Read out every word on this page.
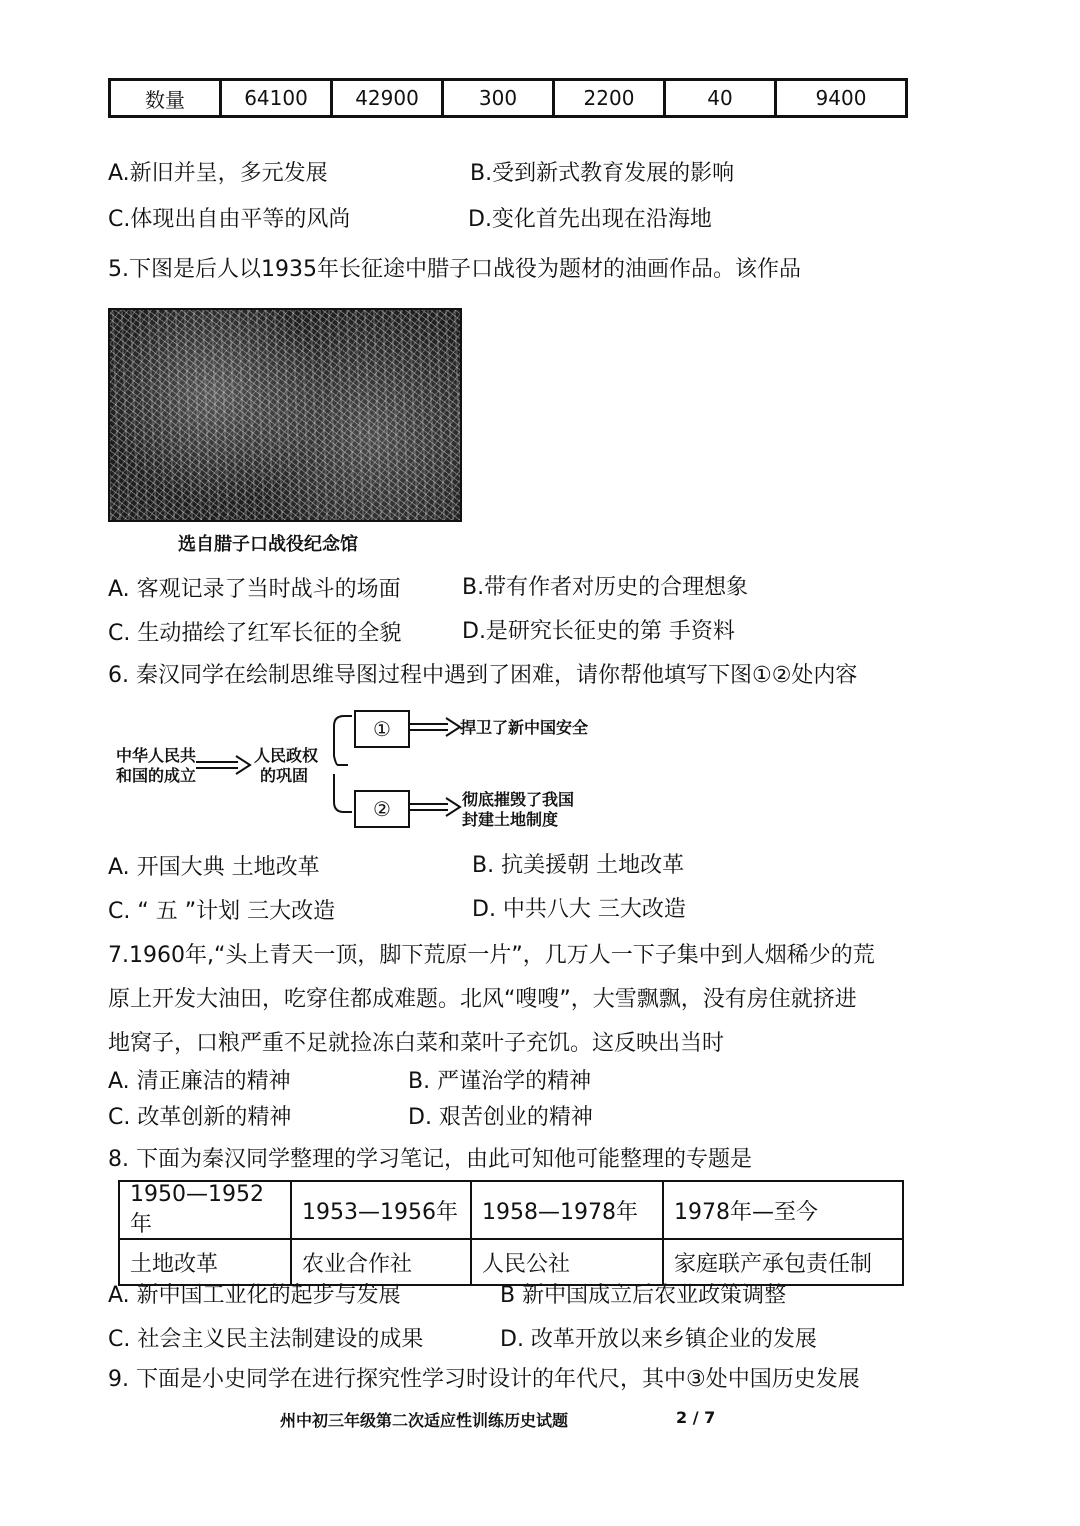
数量	64100	42900	300	2200	40	9400
A.新旧并呈，多元发展	B.受到新式教育发展的影响
C.体现出自由平等的风尚	D.变化首先出现在沿海地
5.下图是后人以1935年长征途中腊子口战役为题材的油画作品。该作品
选自腊子口战役纪念馆
A. 客观记录了当时战斗的场面	B.带有作者对历史的合理想象
C. 生动描绘了红军长征的全貌	D.是研究长征史的第 手资料
6. 秦汉同学在绘制思维导图过程中遇到了困难，请你帮他填写下图①②处内容
中华人民共
和国的成立
人民政权
的巩固
①
②
捍卫了新中国安全
彻底摧毁了我国
封建土地制度
A. 开国大典 土地改革	B. 抗美援朝 土地改革
C. “ 五 ”计划 三大改造	D. 中共八大 三大改造
7.1960年,“头上青天一顶，脚下荒原一片”，几万人一下子集中到人烟稀少的荒
原上开发大油田，吃穿住都成难题。北风“嗖嗖”，大雪飘飘，没有房住就挤进
地窝子，口粮严重不足就捡冻白菜和菜叶子充饥。这反映出当时
A. 清正廉洁的精神	B. 严谨治学的精神
C. 改革创新的精神	D. 艰苦创业的精神
8. 下面为秦汉同学整理的学习笔记，由此可知他可能整理的专题是
1950—1952年	1953—1956年	1958—1978年	1978年—至今
土地改革	农业合作社	人民公社	家庭联产承包责任制
A. 新中国工业化的起步与发展	B 新中国成立后农业政策调整
C. 社会主义民主法制建设的成果	D. 改革开放以来乡镇企业的发展
9. 下面是小史同学在进行探究性学习时设计的年代尺，其中③处中国历史发展
州中初三年级第二次适应性训练历史试题	2 / 7
